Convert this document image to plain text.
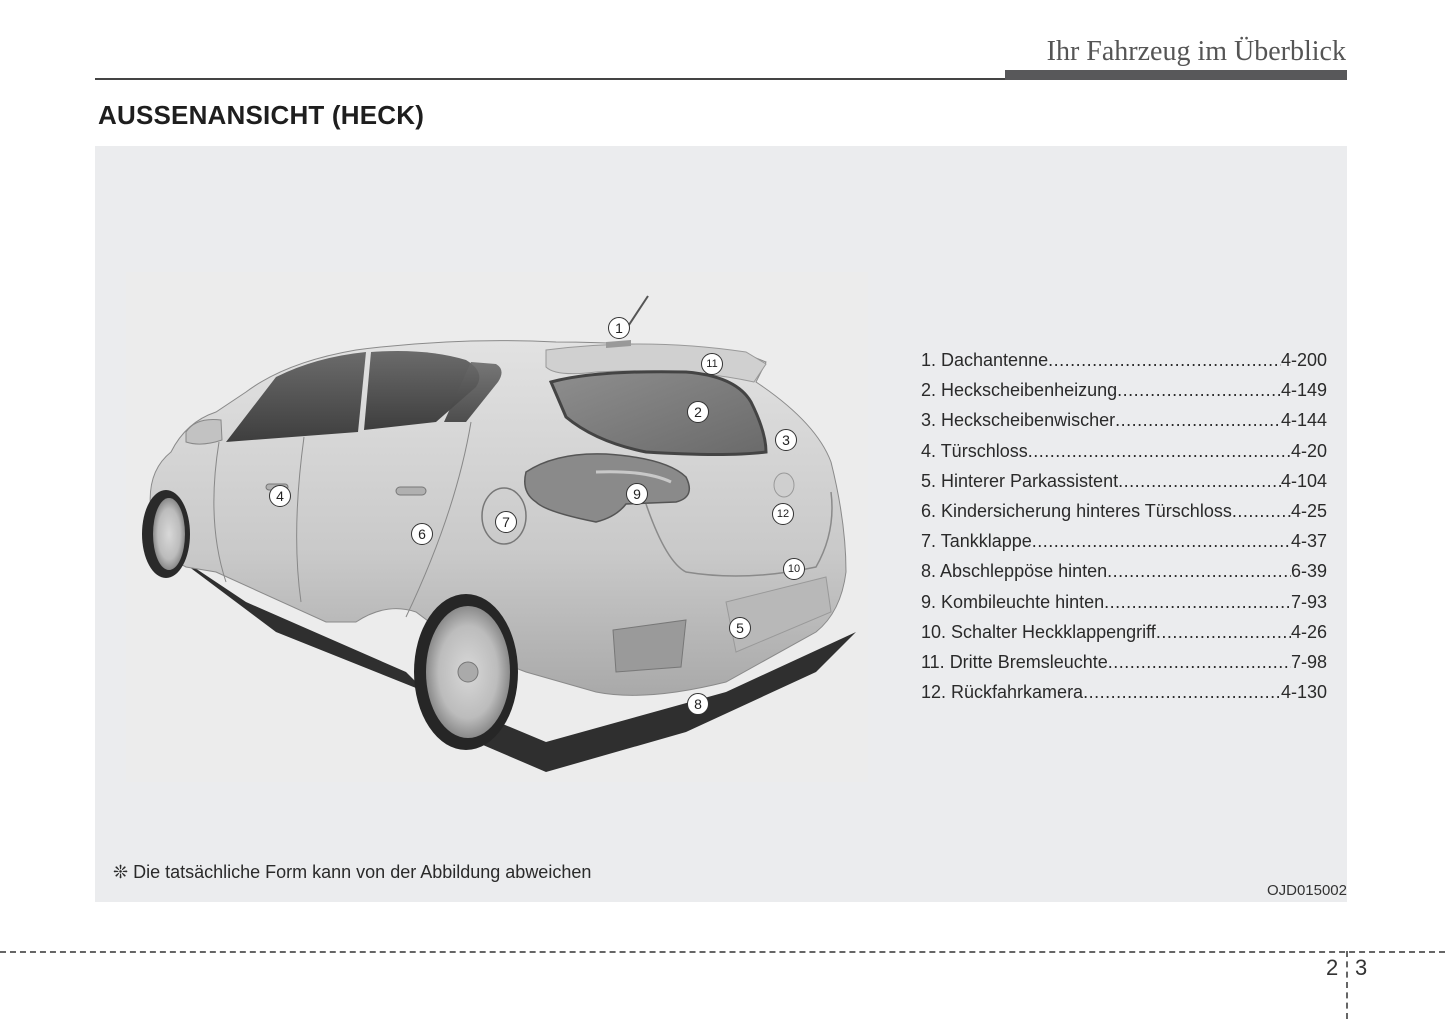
Ihr Fahrzeug im Überblick
AUSSENANSICHT (HECK)
1
2
3
4
5
6
7
8
9
10
11
12
1. Dachantenne .....	4-200
2. Heckscheibenheizung .....	4-149
3. Heckscheibenwischer .....	4-144
4. Türschloss .....	4-20
5. Hinterer Parkassistent .....	4-104
6. Kindersicherung hinteres Türschloss .....	4-25
7. Tankklappe .....	4-37
8. Abschleppöse hinten .....	6-39
9. Kombileuchte hinten .....	7-93
10. Schalter Heckklappengriff .....	4-26
11. Dritte Bremsleuchte .....	7-98
12. Rückfahrkamera .....	4-130
❊ Die tatsächliche Form kann von der Abbildung abweichen
OJD015002
2 3
